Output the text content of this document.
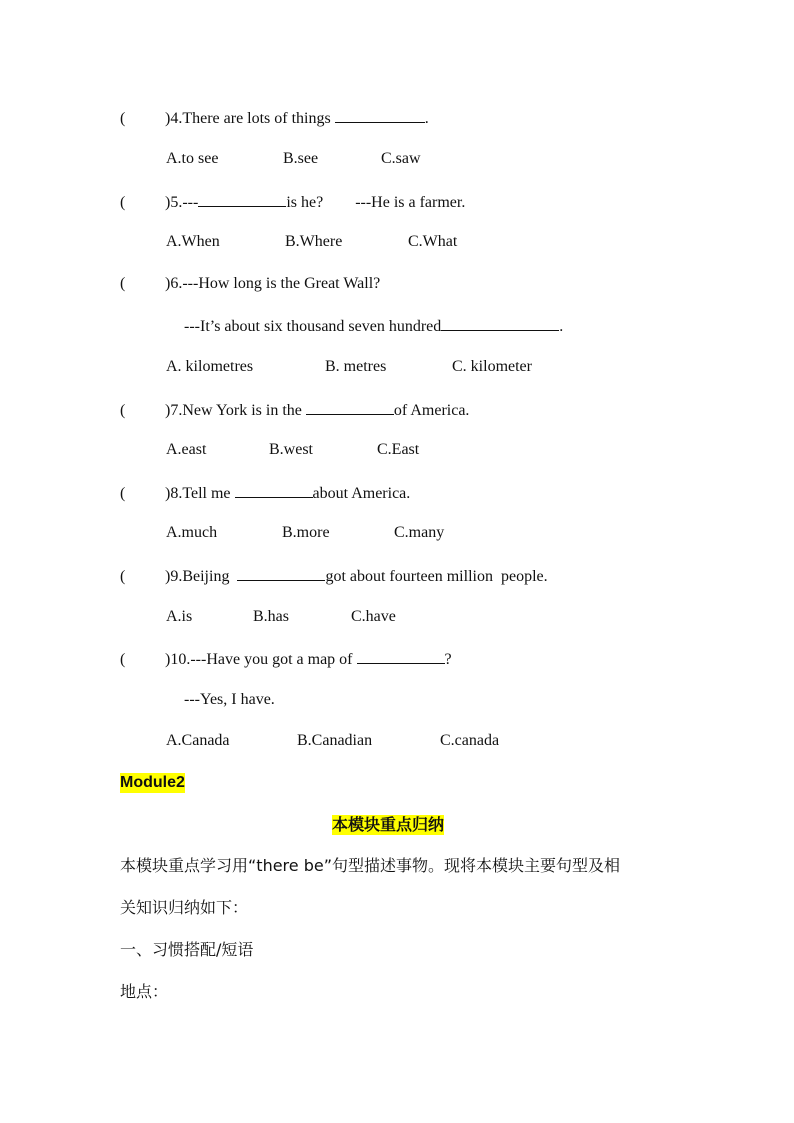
( )4.There are lots of things	.
A.to see	B.see	C.saw
( )5.---	is he?        ---He is a farmer.
A.When	B.Where	C.What
( )6.---How long is the Great Wall?
---It’s about six thousand seven hundred	.
A. kilometres	B. metres	C. kilometer
( )7.New York is in the	of America.
A.east	B.west	C.East
( )8.Tell me	about America.
A.much	B.more	C.many
( )9.Beijing	got about fourteen million  people.
A.is	B.has	C.have
( )10.---Have you got a map of	?
---Yes, I have.
A.Canada	B.Canadian	C.canada
Module2
本模块重点归纳
本模块重点学习用“there be”句型描述事物。现将本模块主要句型及相
关知识归纳如下：
一、习惯搭配/短语
地点：
